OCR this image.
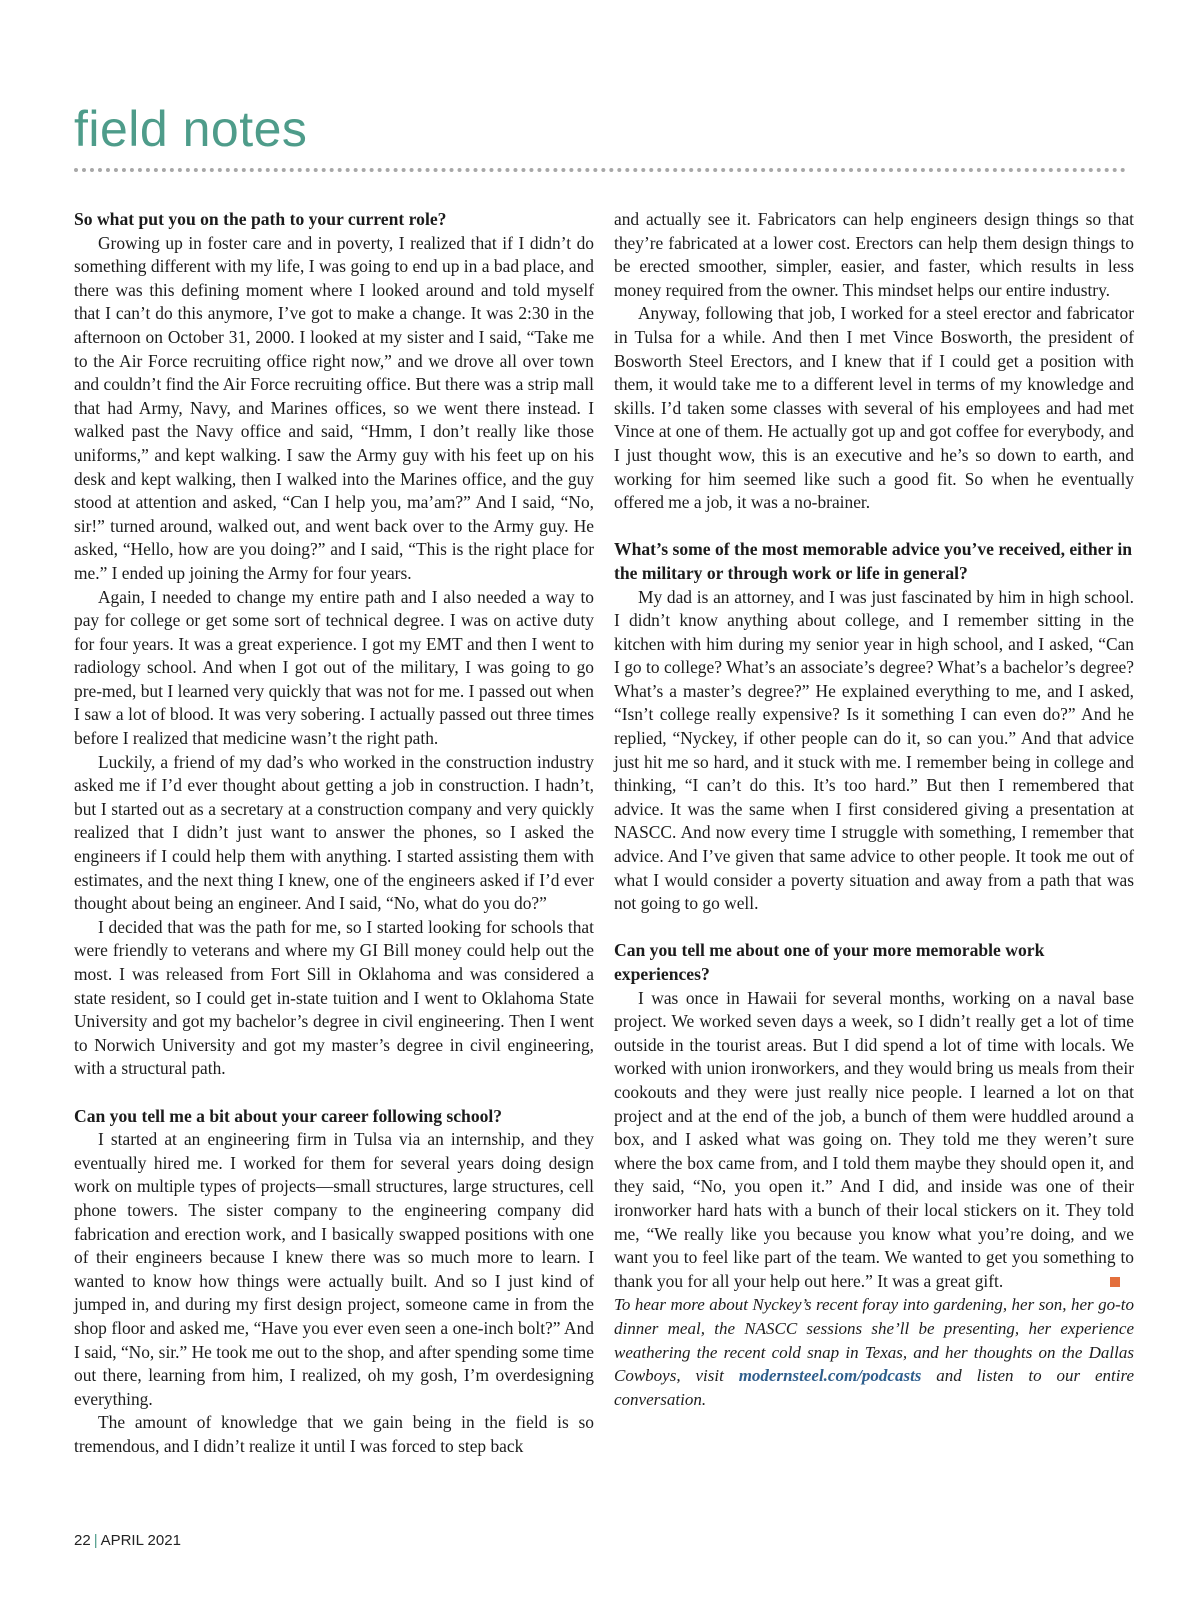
field notes
So what put you on the path to your current role?

Growing up in foster care and in poverty, I realized that if I didn’t do something different with my life, I was going to end up in a bad place, and there was this defining moment where I looked around and told myself that I can’t do this anymore, I’ve got to make a change. It was 2:30 in the afternoon on October 31, 2000. I looked at my sister and I said, “Take me to the Air Force recruiting office right now,” and we drove all over town and couldn’t find the Air Force recruiting office. But there was a strip mall that had Army, Navy, and Marines offices, so we went there instead. I walked past the Navy office and said, “Hmm, I don’t really like those uniforms,” and kept walking. I saw the Army guy with his feet up on his desk and kept walking, then I walked into the Marines office, and the guy stood at attention and asked, “Can I help you, ma’am?” And I said, “No, sir!” turned around, walked out, and went back over to the Army guy. He asked, “Hello, how are you doing?” and I said, “This is the right place for me.” I ended up joining the Army for four years.

Again, I needed to change my entire path and I also needed a way to pay for college or get some sort of technical degree. I was on active duty for four years. It was a great experience. I got my EMT and then I went to radiology school. And when I got out of the military, I was going to go pre-med, but I learned very quickly that was not for me. I passed out when I saw a lot of blood. It was very sobering. I actually passed out three times before I realized that medicine wasn’t the right path.

Luckily, a friend of my dad’s who worked in the construction industry asked me if I’d ever thought about getting a job in construction. I hadn’t, but I started out as a secretary at a construction company and very quickly realized that I didn’t just want to answer the phones, so I asked the engineers if I could help them with anything. I started assisting them with estimates, and the next thing I knew, one of the engineers asked if I’d ever thought about being an engineer. And I said, “No, what do you do?”

I decided that was the path for me, so I started looking for schools that were friendly to veterans and where my GI Bill money could help out the most. I was released from Fort Sill in Oklahoma and was considered a state resident, so I could get in-state tuition and I went to Oklahoma State University and got my bachelor’s degree in civil engineering. Then I went to Norwich University and got my master’s degree in civil engineering, with a structural path.

Can you tell me a bit about your career following school?

I started at an engineering firm in Tulsa via an internship, and they eventually hired me. I worked for them for several years doing design work on multiple types of projects—small structures, large structures, cell phone towers. The sister company to the engineering company did fabrication and erection work, and I basically swapped positions with one of their engineers because I knew there was so much more to learn. I wanted to know how things were actually built. And so I just kind of jumped in, and during my first design project, someone came in from the shop floor and asked me, “Have you ever even seen a one-inch bolt?” And I said, “No, sir.” He took me out to the shop, and after spending some time out there, learning from him, I realized, oh my gosh, I’m overdesigning everything.

The amount of knowledge that we gain being in the field is so tremendous, and I didn’t realize it until I was forced to step back

and actually see it. Fabricators can help engineers design things so that they’re fabricated at a lower cost. Erectors can help them design things to be erected smoother, simpler, easier, and faster, which results in less money required from the owner. This mindset helps our entire industry.

Anyway, following that job, I worked for a steel erector and fabricator in Tulsa for a while. And then I met Vince Bosworth, the president of Bosworth Steel Erectors, and I knew that if I could get a position with them, it would take me to a different level in terms of my knowledge and skills. I’d taken some classes with several of his employees and had met Vince at one of them. He actually got up and got coffee for everybody, and I just thought wow, this is an executive and he’s so down to earth, and working for him seemed like such a good fit. So when he eventually offered me a job, it was a no-brainer.

What’s some of the most memorable advice you’ve received, either in the military or through work or life in general?

My dad is an attorney, and I was just fascinated by him in high school. I didn’t know anything about college, and I remember sitting in the kitchen with him during my senior year in high school, and I asked, “Can I go to college? What’s an associate’s degree? What’s a bachelor’s degree? What’s a master’s degree?” He explained everything to me, and I asked, “Isn’t college really expensive? Is it something I can even do?” And he replied, “Nyckey, if other people can do it, so can you.” And that advice just hit me so hard, and it stuck with me. I remember being in college and thinking, “I can’t do this. It’s too hard.” But then I remembered that advice. It was the same when I first considered giving a presentation at NASCC. And now every time I struggle with something, I remember that advice. And I’ve given that same advice to other people. It took me out of what I would consider a poverty situation and away from a path that was not going to go well.

Can you tell me about one of your more memorable work experiences?

I was once in Hawaii for several months, working on a naval base project. We worked seven days a week, so I didn’t really get a lot of time outside in the tourist areas. But I did spend a lot of time with locals. We worked with union ironworkers, and they would bring us meals from their cookouts and they were just really nice people. I learned a lot on that project and at the end of the job, a bunch of them were huddled around a box, and I asked what was going on. They told me they weren’t sure where the box came from, and I told them maybe they should open it, and they said, “No, you open it.” And I did, and inside was one of their ironworker hard hats with a bunch of their local stickers on it. They told me, “We really like you because you know what you’re doing, and we want you to feel like part of the team. We wanted to get you something to thank you for all your help out here.” It was a great gift.

To hear more about Nyckey’s recent foray into gardening, her son, her go-to dinner meal, the NASCC sessions she’ll be presenting, her experience weathering the recent cold snap in Texas, and her thoughts on the Dallas Cowboys, visit modernsteel.com/podcasts and listen to our entire conversation.

22 | APRIL 2021
